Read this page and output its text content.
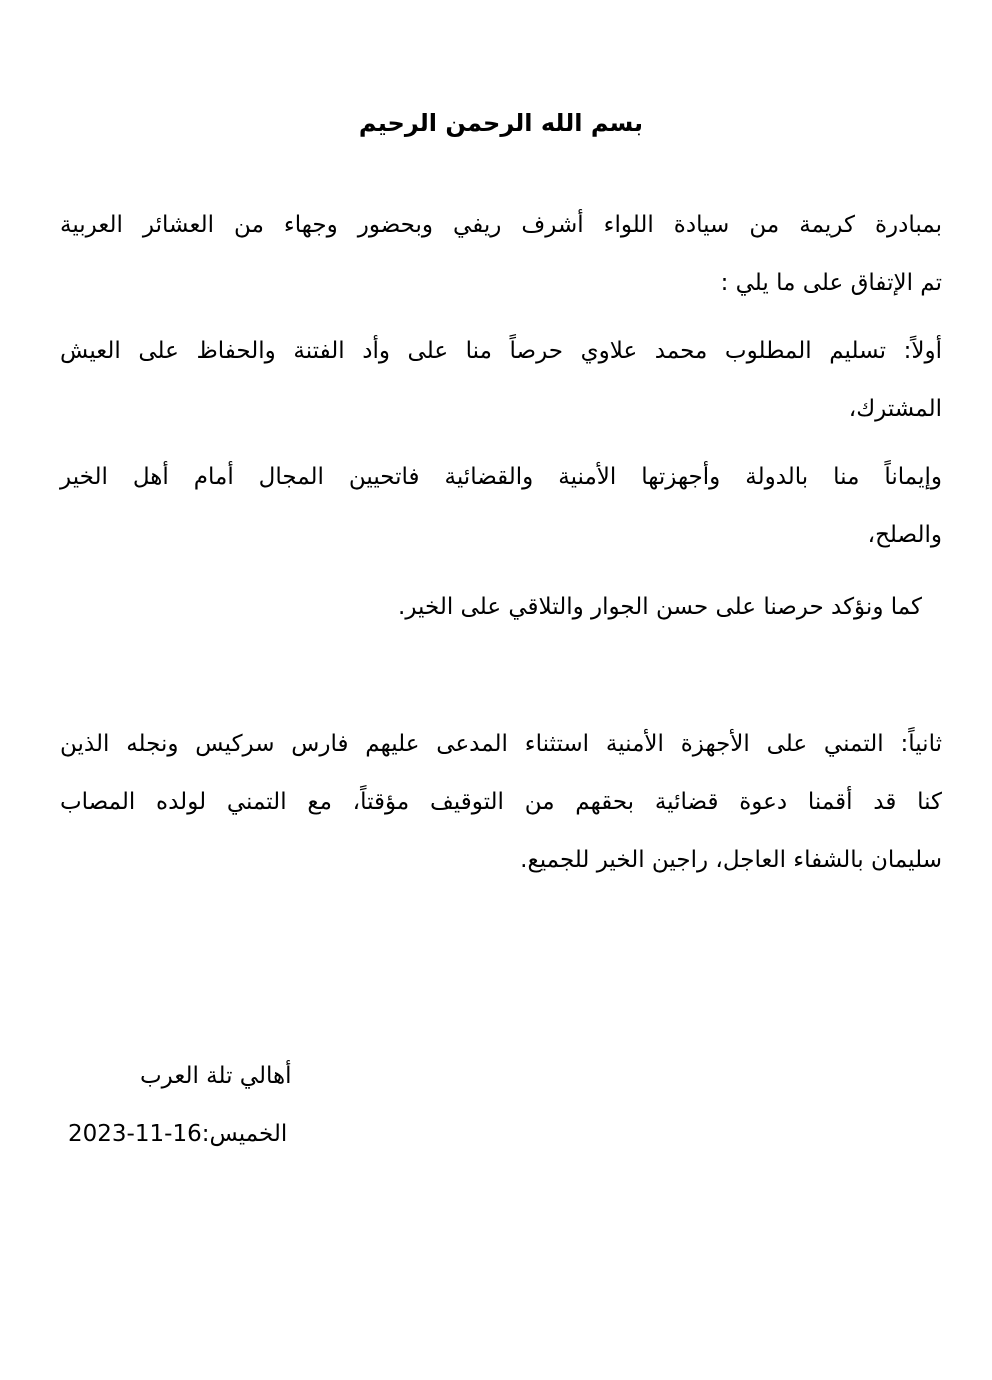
بسم الله الرحمن الرحيم
بمبادرة كريمة من سيادة اللواء أشرف ريفي وبحضور وجهاء من العشائر العربية
تم الإتفاق على ما يلي :
أولاً: تسليم المطلوب محمد علاوي حرصاً منا على وأد الفتنة والحفاظ على العيش
المشترك،
وإيماناً منا بالدولة وأجهزتها الأمنية والقضائية فاتحيين المجال أمام أهل الخير
والصلح،
كما ونؤكد حرصنا على حسن الجوار والتلاقي على الخير.
ثانياً: التمني على الأجهزة الأمنية استثناء المدعى عليهم فارس سركيس ونجله الذين
كنا قد أقمنا دعوة قضائية بحقهم من التوقيف مؤقتاً، مع التمني لولده المصاب
سليمان بالشفاء العاجل، راجين الخير للجميع.
أهالي تلة العرب
الخميس:16-11-2023
